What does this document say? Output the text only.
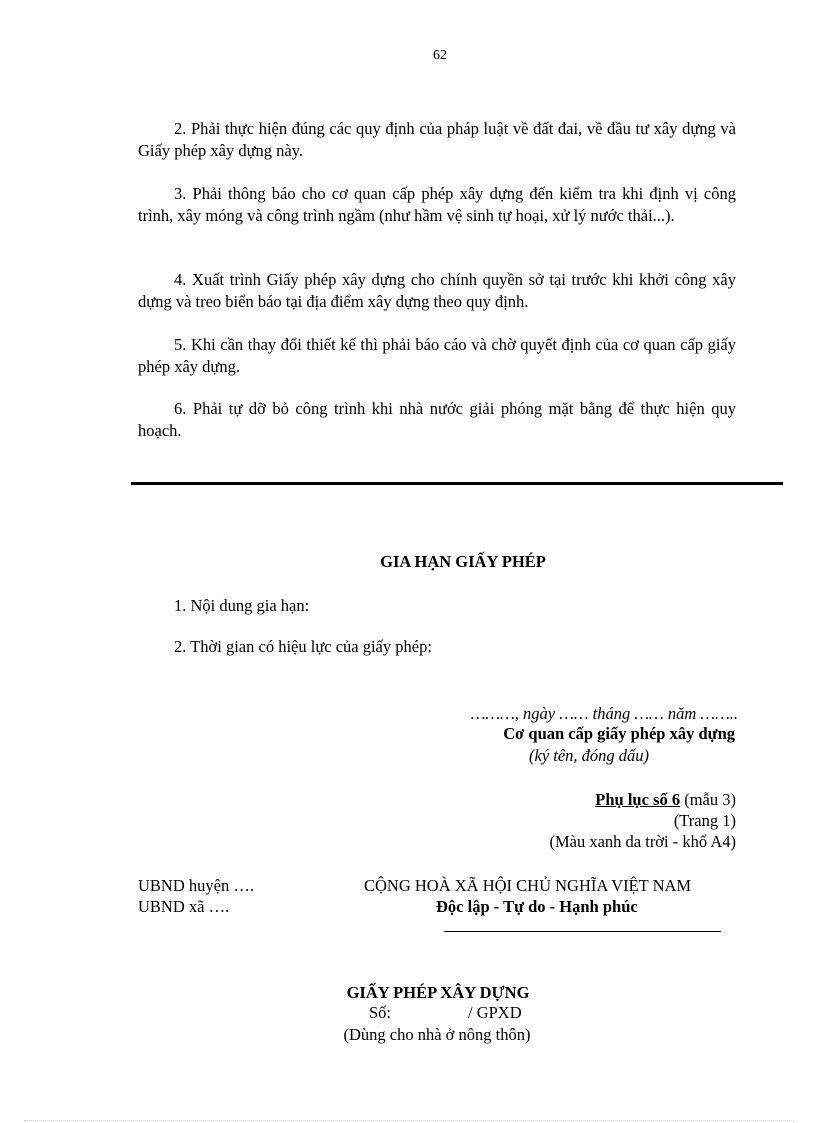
62
2. Phải thực hiện đúng các quy định của pháp luật về đất đai, về đầu tư xây dựng và Giấy phép xây dựng này.
3. Phải thông báo cho cơ quan cấp phép xây dựng đến kiểm tra khi định vị công trình, xây móng và công trình ngầm (như hầm vệ sinh tự hoại, xử lý nước thải...).
4. Xuất trình Giấy phép xây dựng cho chính quyền sở tại trước khi khởi công xây dựng và treo biển báo tại địa điểm xây dựng theo quy định.
5. Khi cần thay đổi thiết kế thì phải báo cáo và chờ quyết định của cơ quan cấp giấy phép xây dựng.
6. Phải tự dỡ bỏ công trình khi nhà nước giải phóng mặt bằng để thực hiện quy hoạch.
GIA HẠN GIẤY PHÉP
1. Nội dung gia hạn:
2. Thời gian có hiệu lực của giấy phép:
………, ngày …… tháng …… năm ……..
Cơ quan cấp giấy phép xây dựng
(ký tên, đóng dấu)
Phụ lục số 6 (mẫu 3)
(Trang 1)
(Màu xanh da trời - khổ A4)
UBND huyện ….
UBND xã ….
CỘNG HOÀ XÃ HỘI CHỦ NGHĨA VIỆT NAM
Độc lập - Tự do - Hạnh phúc
GIẤY PHÉP XÂY DỰNG
Số:	/ GPXD
(Dùng cho nhà ở nông thôn)
